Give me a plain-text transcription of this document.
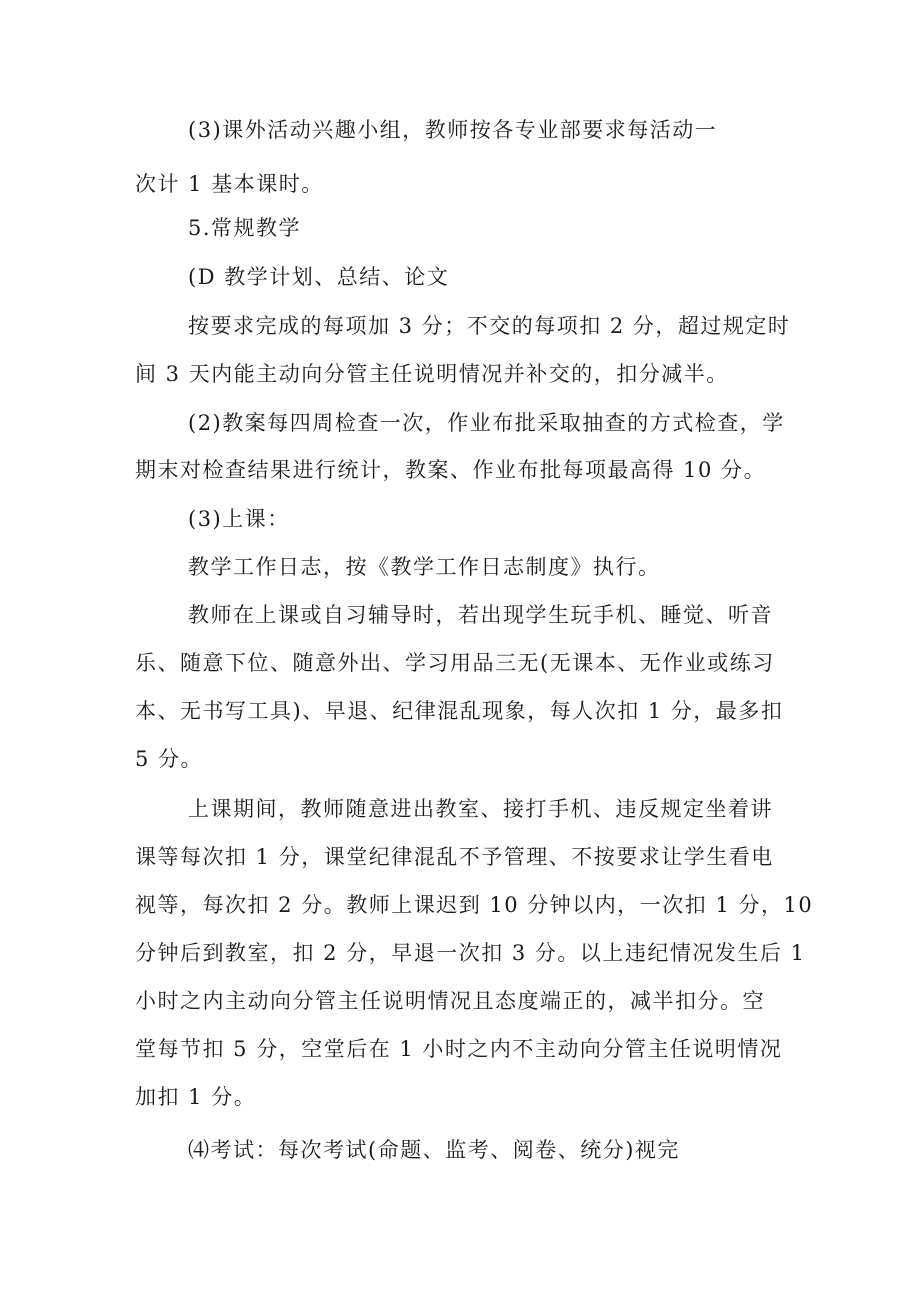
(3)课外活动兴趣小组，教师按各专业部要求每活动一
次计 1 基本课时。
5.常规教学
(D 教学计划、总结、论文
按要求完成的每项加 3 分；不交的每项扣 2 分，超过规定时
间 3 天内能主动向分管主任说明情况并补交的，扣分减半。
(2)教案每四周检查一次，作业布批采取抽查的方式检查，学
期末对检查结果进行统计，教案、作业布批每项最高得 10 分。
(3)上课：
教学工作日志，按《教学工作日志制度》执行。
教师在上课或自习辅导时，若出现学生玩手机、睡觉、听音
乐、随意下位、随意外出、学习用品三无(无课本、无作业或练习
本、无书写工具)、早退、纪律混乱现象，每人次扣 1 分，最多扣
5 分。
上课期间，教师随意进出教室、接打手机、违反规定坐着讲
课等每次扣 1 分，课堂纪律混乱不予管理、不按要求让学生看电
视等，每次扣 2 分。教师上课迟到 10 分钟以内，一次扣 1 分，10
分钟后到教室，扣 2 分，早退一次扣 3 分。以上违纪情况发生后 1
小时之内主动向分管主任说明情况且态度端正的，减半扣分。空
堂每节扣 5 分，空堂后在 1 小时之内不主动向分管主任说明情况
加扣 1 分。
⑷考试：每次考试(命题、监考、阅卷、统分)视完
